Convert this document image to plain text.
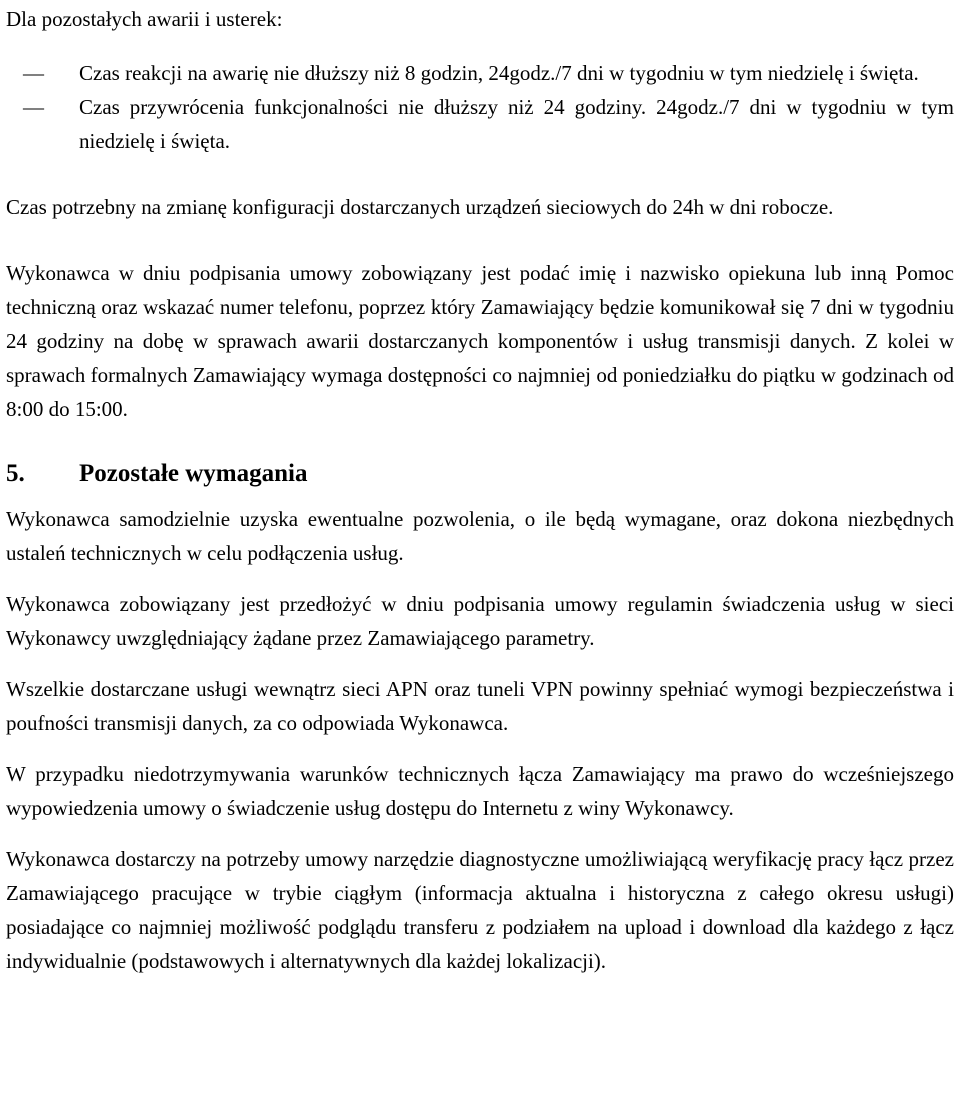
Dla pozostałych awarii i usterek:

—	Czas reakcji na awarię nie dłuższy niż 8 godzin, 24godz./7 dni w tygodniu w tym niedzielę i święta.
—	Czas przywrócenia funkcjonalności nie dłuższy niż 24 godziny. 24godz./7 dni w tygodniu w tym niedzielę i święta.

Czas potrzebny na zmianę konfiguracji dostarczanych urządzeń sieciowych do 24h w dni robocze.

Wykonawca w dniu podpisania umowy zobowiązany jest podać imię i nazwisko opiekuna lub inną Pomoc techniczną oraz wskazać numer telefonu, poprzez który Zamawiający będzie komunikował się 7 dni w tygodniu 24 godziny na dobę w sprawach awarii dostarczanych komponentów i usług transmisji danych. Z kolei w sprawach formalnych Zamawiający wymaga dostępności co najmniej od poniedziałku do piątku w godzinach od 8:00 do 15:00.

5. Pozostałe wymagania

Wykonawca samodzielnie uzyska ewentualne pozwolenia, o ile będą wymagane, oraz dokona niezbędnych ustaleń technicznych w celu podłączenia usług.

Wykonawca zobowiązany jest przedłożyć w dniu podpisania umowy regulamin świadczenia usług w sieci Wykonawcy uwzględniający żądane przez Zamawiającego parametry.

Wszelkie dostarczane usługi wewnątrz sieci APN oraz tuneli VPN powinny spełniać wymogi bezpieczeństwa i poufności transmisji danych, za co odpowiada Wykonawca.

W przypadku niedotrzymywania warunków technicznych łącza Zamawiający ma prawo do wcześniejszego wypowiedzenia umowy o świadczenie usług dostępu do Internetu z winy Wykonawcy.

Wykonawca dostarczy na potrzeby umowy narzędzie diagnostyczne umożliwiającą weryfikację pracy łącz przez Zamawiającego pracujące w trybie ciągłym (informacja aktualna i historyczna z całego okresu usługi) posiadające co najmniej możliwość podglądu transferu z podziałem na upload i download dla każdego z łącz indywidualnie (podstawowych i alternatywnych dla każdej lokalizacji).
